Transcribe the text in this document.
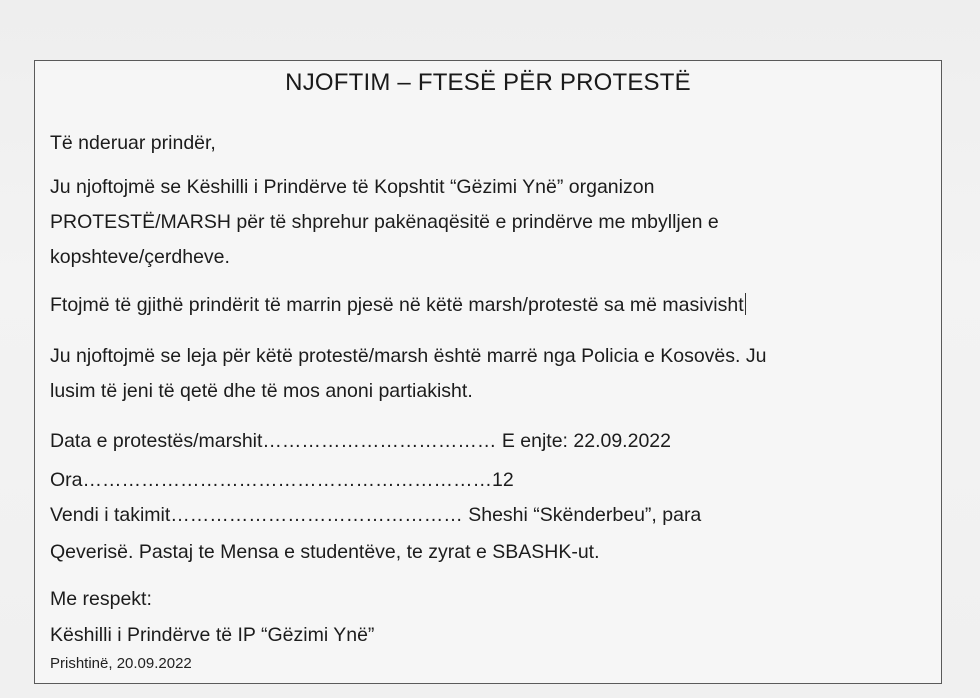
NJOFTIM – FTESË PËR PROTESTË
Të nderuar prindër,
Ju njoftojmë se Këshilli i Prindërve të Kopshtit “Gëzimi Ynë” organizon
PROTESTË/MARSH për të shprehur pakënaqësitë e prindërve me mbylljen e
kopshteve/çerdheve.
Ftojmë të gjithë prindërit të marrin pjesë në këtë marsh/protestë sa më masivisht
Ju njoftojmë se leja për këtë protestë/marsh është marrë nga Policia e Kosovës. Ju
lusim të jeni të qetë dhe të mos anoni partiakisht.
Data e protestës/marshit……………………………… E enjte: 22.09.2022
Ora………………………………………………………12
Vendi i takimit……………………………………… Sheshi “Skënderbeu”, para
Qeverisë. Pastaj te Mensa e studentëve, te zyrat e SBASHK-ut.
Me respekt:
Këshilli i Prindërve të IP “Gëzimi Ynë”
Prishtinë, 20.09.2022
